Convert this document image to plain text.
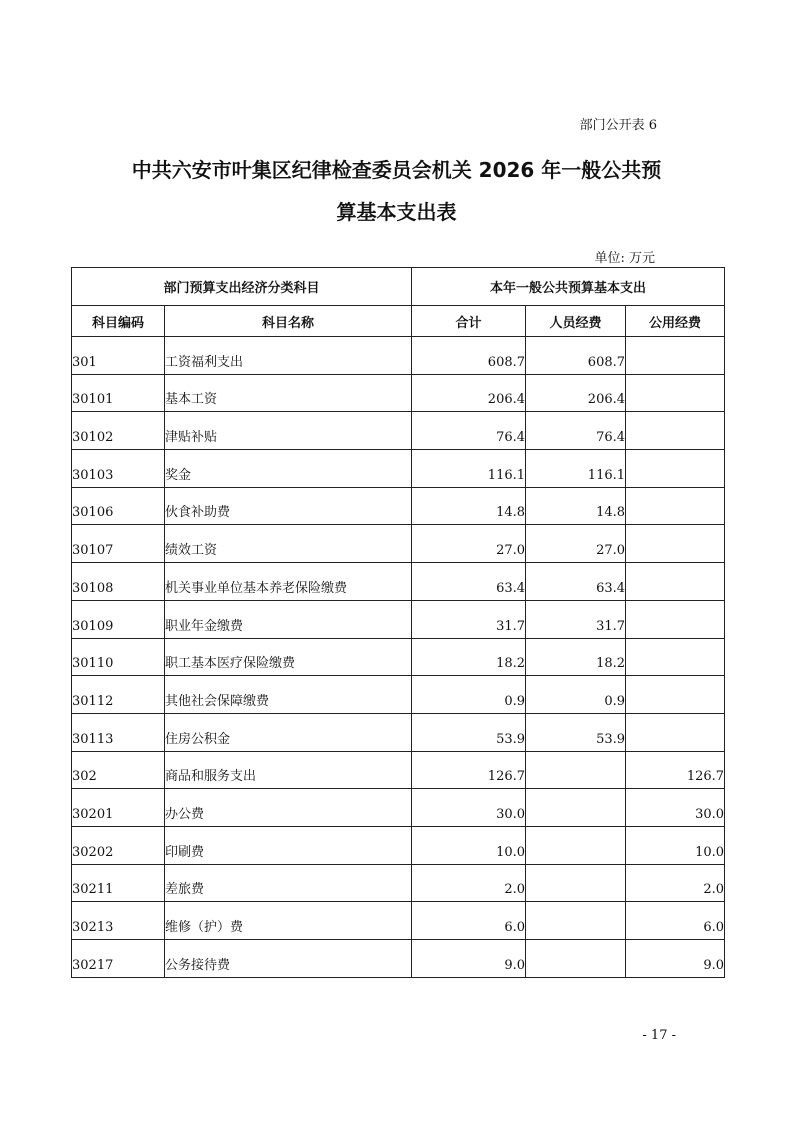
部门公开表 6
中共六安市叶集区纪律检查委员会机关 2026 年一般公共预
算基本支出表
单位: 万元
部门预算支出经济分类科目		本年一般公共预算基本支出		
科目编码	科目名称	合计	人员经费	公用经费
301	工资福利支出	608.7	608.7	
30101	基本工资	206.4	206.4	
30102	津贴补贴	76.4	76.4	
30103	奖金	116.1	116.1	
30106	伙食补助费	14.8	14.8	
30107	绩效工资	27.0	27.0	
30108	机关事业单位基本养老保险缴费	63.4	63.4	
30109	职业年金缴费	31.7	31.7	
30110	职工基本医疗保险缴费	18.2	18.2	
30112	其他社会保障缴费	0.9	0.9	
30113	住房公积金	53.9	53.9	
302	商品和服务支出	126.7		126.7
30201	办公费	30.0		30.0
30202	印刷费	10.0		10.0
30211	差旅费	2.0		2.0
30213	维修（护）费	6.0		6.0
30217	公务接待费	9.0		9.0
- 17 -
